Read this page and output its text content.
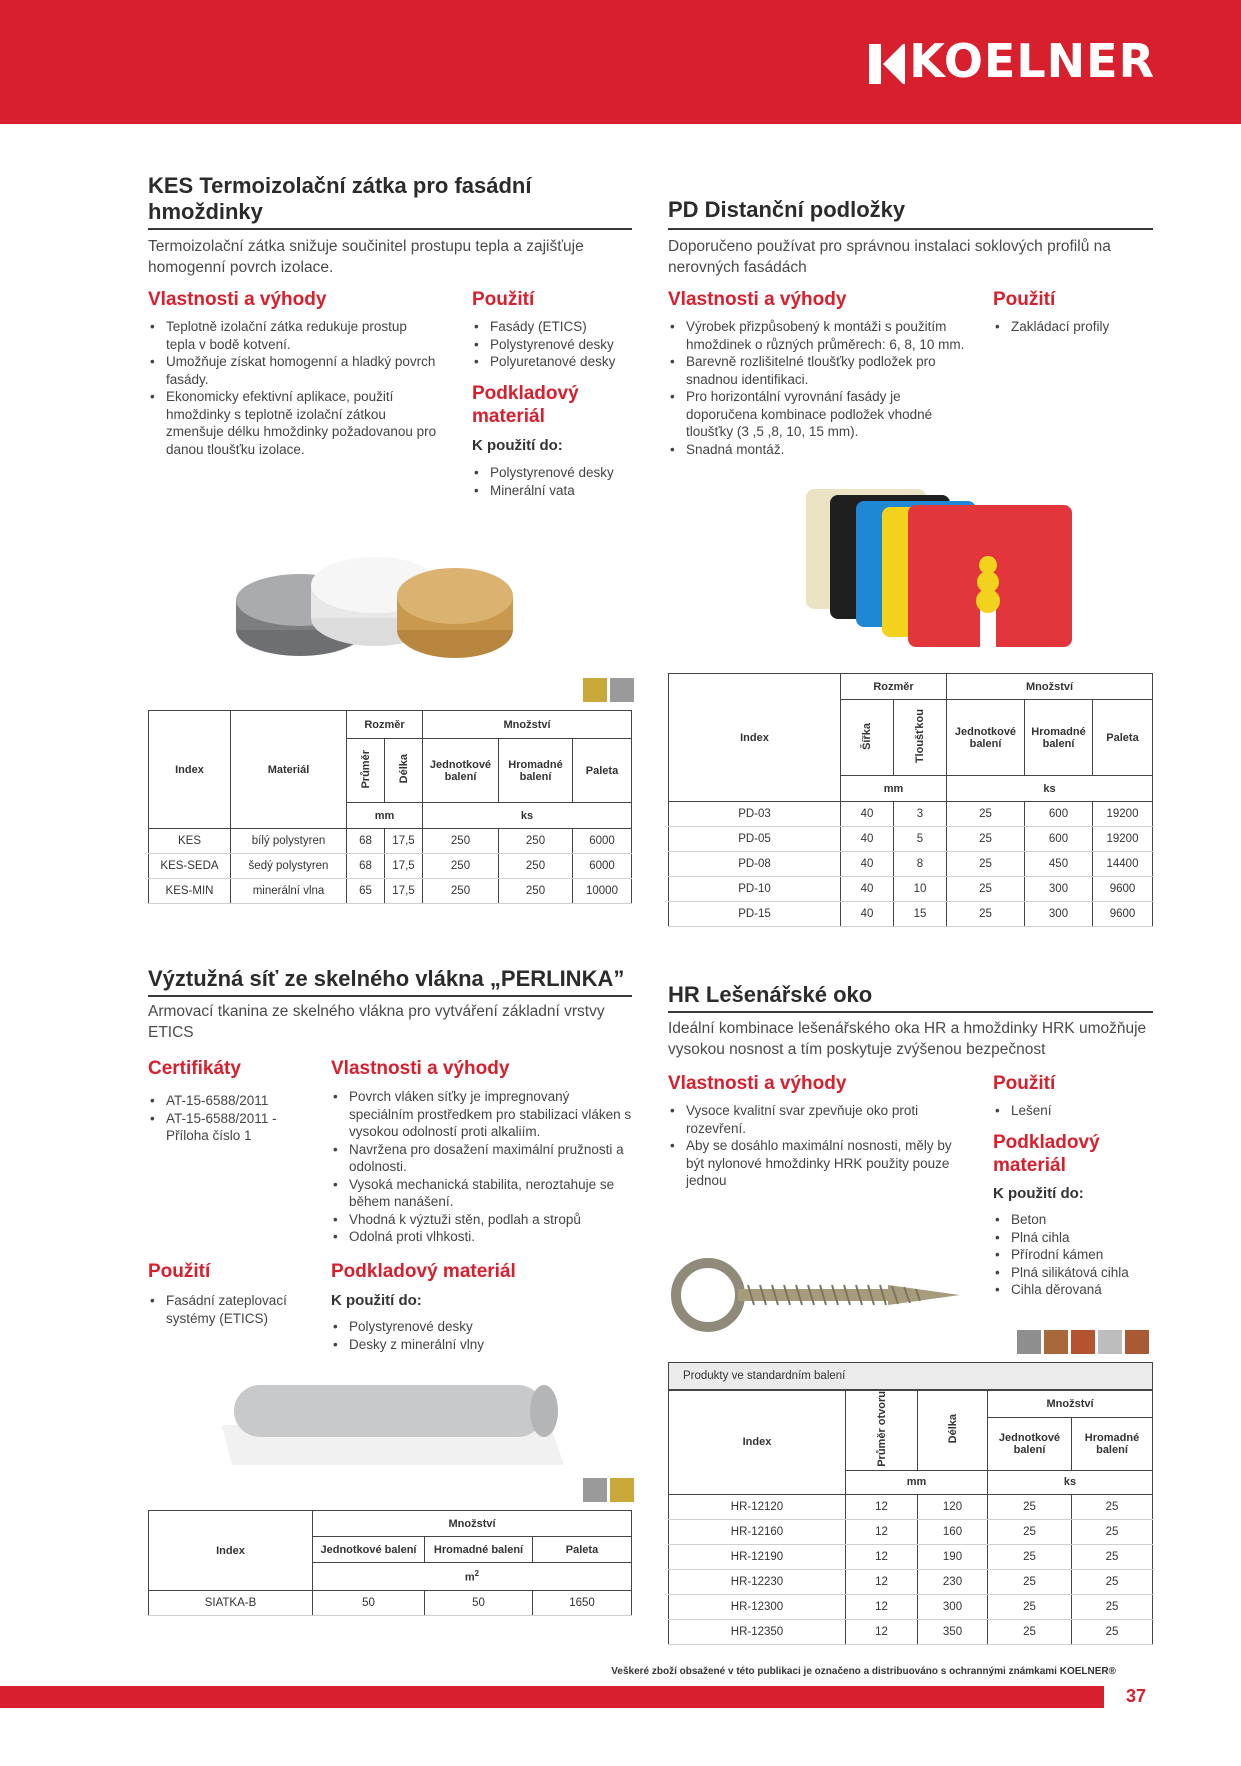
KOELNER
KES Termoizolační zátka pro fasádní hmoždinky
Termoizolační zátka snižuje součinitel prostupu tepla a zajišťuje homogenní povrch izolace.
Vlastnosti a výhody
• Teplotně izolační zátka redukuje prostup tepla v bodě kotvení.
• Umožňuje získat homogenní a hladký povrch fasády.
• Ekonomicky efektivní aplikace, použití hmoždinky s teplotně izolační zátkou zmenšuje délku hmoždinky požadovanou pro danou tloušťku izolace.
Použití
• Fasády (ETICS)
• Polystyrenové desky
• Polyuretanové desky
Podkladový materiál
K použití do:
• Polystyrenové desky
• Minerální vata
Index	Materiál	Rozměr		Množství		
		Průměr	Délka	Jednotkové balení	Hromadné balení	Paleta
		mm		ks		
KES	bílý polystyren	68	17,5	250	250	6000
KES-SEDA	šedý polystyren	68	17,5	250	250	6000
KES-MIN	minerální vlna	65	17,5	250	250	10000
PD Distanční podložky
Doporučeno používat pro správnou instalaci soklových profilů na nerovných fasádách
Vlastnosti a výhody
• Výrobek přizpůsobený k montáži s použitím hmoždinek o různých průměrech: 6, 8, 10 mm.
• Barevně rozlišitelné tloušťky podložek pro snadnou identifikaci.
• Pro horizontální vyrovnání fasády je doporučena kombinace podložek vhodné tloušťky (3 ,5 ,8, 10, 15 mm).
• Snadná montáž.
Použití
• Zakládací profily
Index	Rozměr		Množství		
	Šířka	Tloušťkou	Jednotkové balení	Hromadné balení	Paleta
	mm		ks		
PD-03	40	3	25	600	19200
PD-05	40	5	25	600	19200
PD-08	40	8	25	450	14400
PD-10	40	10	25	300	9600
PD-15	40	15	25	300	9600
Výztužná síť ze skelného vlákna „PERLINKA”
Armovací tkanina ze skelného vlákna pro vytváření základní vrstvy ETICS
Certifikáty
• AT-15-6588/2011
• AT-15-6588/2011 - Příloha číslo 1
Vlastnosti a výhody
• Povrch vláken síťky je impregnovaný speciálním prostředkem pro stabilizaci vláken s vysokou odolností proti alkaliím.
• Navržena pro dosažení maximální pružnosti a odolnosti.
• Vysoká mechanická stabilita, neroztahuje se během nanášení.
• Vhodná k výztuži stěn, podlah a stropů
• Odolná proti vlhkosti.
Použití
• Fasádní zateplovací systémy (ETICS)
Podkladový materiál
K použití do:
• Polystyrenové desky
• Desky z minerální vlny
Index	Množství		
	Jednotkové balení	Hromadné balení	Paleta
	$m^2$
SIATKA-B	50	50	1650
HR Lešenářské oko
Ideální kombinace lešenářského oka HR a hmoždinky HRK umožňuje vysokou nosnost a tím poskytuje zvýšenou bezpečnost
Vlastnosti a výhody
• Vysoce kvalitní svar zpevňuje oko proti rozevření.
• Aby se dosáhlo maximální nosnosti, měly by být nylonové hmoždinky HRK použity pouze jednou
Použití
• Lešení
Podkladový materiál
K použití do:
• Beton
• Plná cihla
• Přírodní kámen
• Plná silikátová cihla
• Cihla děrovaná
Produkty ve standardním balení
Index	Průměr otvoru	Délka	Množství	
			Jednotkové balení	Hromadné balení
	mm		ks	
HR-12120	12	120	25	25
HR-12160	12	160	25	25
HR-12190	12	190	25	25
HR-12230	12	230	25	25
HR-12300	12	300	25	25
HR-12350	12	350	25	25
Veškeré zboží obsažené v této publikaci je označeno a distribuováno s ochrannými známkami KOELNER®
37
